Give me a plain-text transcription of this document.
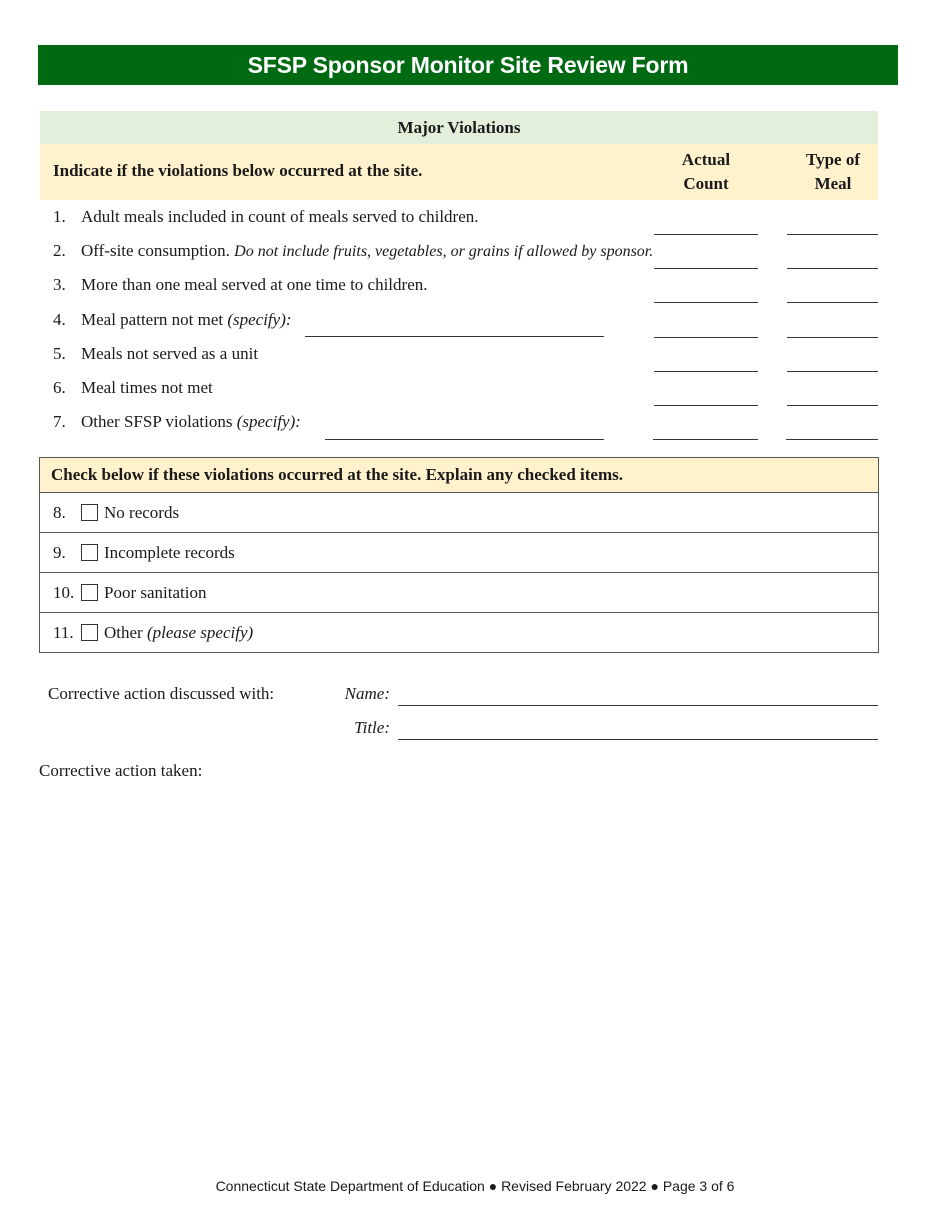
SFSP Sponsor Monitor Site Review Form
Major Violations
Indicate if the violations below occurred at the site.
Actual
Count
Type of
Meal
1. Adult meals included in count of meals served to children.
2. Off-site consumption. Do not include fruits, vegetables, or grains if allowed by sponsor.
3. More than one meal served at one time to children.
4. Meal pattern not met (specify):
5. Meals not served as a unit
6. Meal times not met
7. Other SFSP violations (specify):
Check below if these violations occurred at the site. Explain any checked items.
8.	No records
9.	Incomplete records
10.	Poor sanitation
11.	Other (please specify)
Corrective action discussed with:	Name:
Title:
Corrective action taken:
Connecticut State Department of Education ● Revised February 2022 ● Page 3 of 6
